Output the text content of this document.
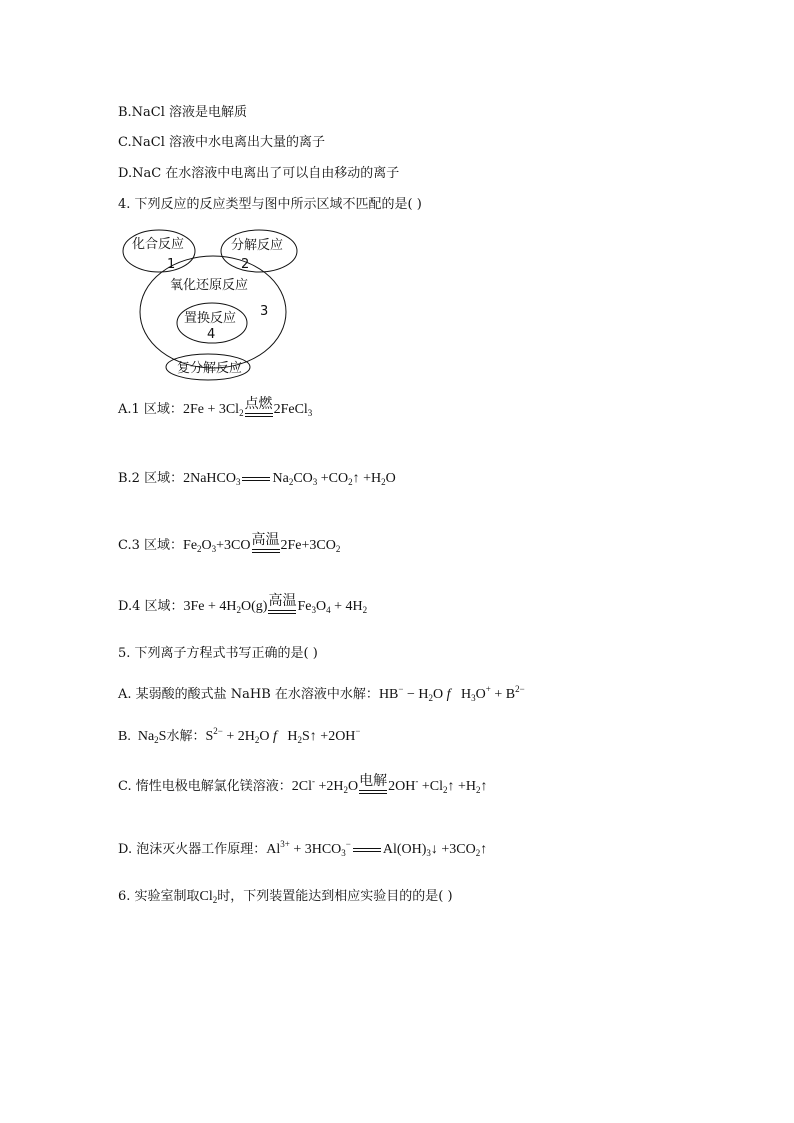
B.NaCl 溶液是电解质
C.NaCl 溶液中水电离出大量的离子
D.NaC 在水溶液中电离出了可以自由移动的离子
4. 下列反应的反应类型与图中所示区域不匹配的是( )
化合反应	分解反应
1	2
氧化还原反应
3
置换反应
4
复分解反应
A.1 区域：$2Fe + 3Cl_2$
点燃 2FeCl$_3$
B.2 区域：2NaHCO$_3$ $Na_2CO_3$ $+CO_2↑ +H_2O$
C.3 区域：$Fe_2O_3+3CO$ 高温 $2Fe+3CO_2$
D.4 区域：$3Fe + 4H_2O(g)$ 高温 $Fe_3O_4 + 4H_2$
5. 下列离子方程式书写正确的是( )
A. 某弱酸的酸式盐 NaHB 在水溶液中水解：$HB^- - H_2O$ f   $H_3O^+ + B^{2-}$
B.  $Na_2S$水解：$S^{2-} + 2H_2O$ f   $H_2S↑ +2OH^-$
C. 惰性电极电解氯化镁溶液：$2Cl^- +2H_2O$ 电解 $2OH^- +Cl_2↑$ $+H_2↑$
D. 泡沫灭火器工作原理：$Al^{3+} + 3HCO_3^-$ $Al(OH)_3↓$ $+3CO_2↑$
6. 实验室制取$Cl_2$时，下列装置能达到相应实验目的的是( )
